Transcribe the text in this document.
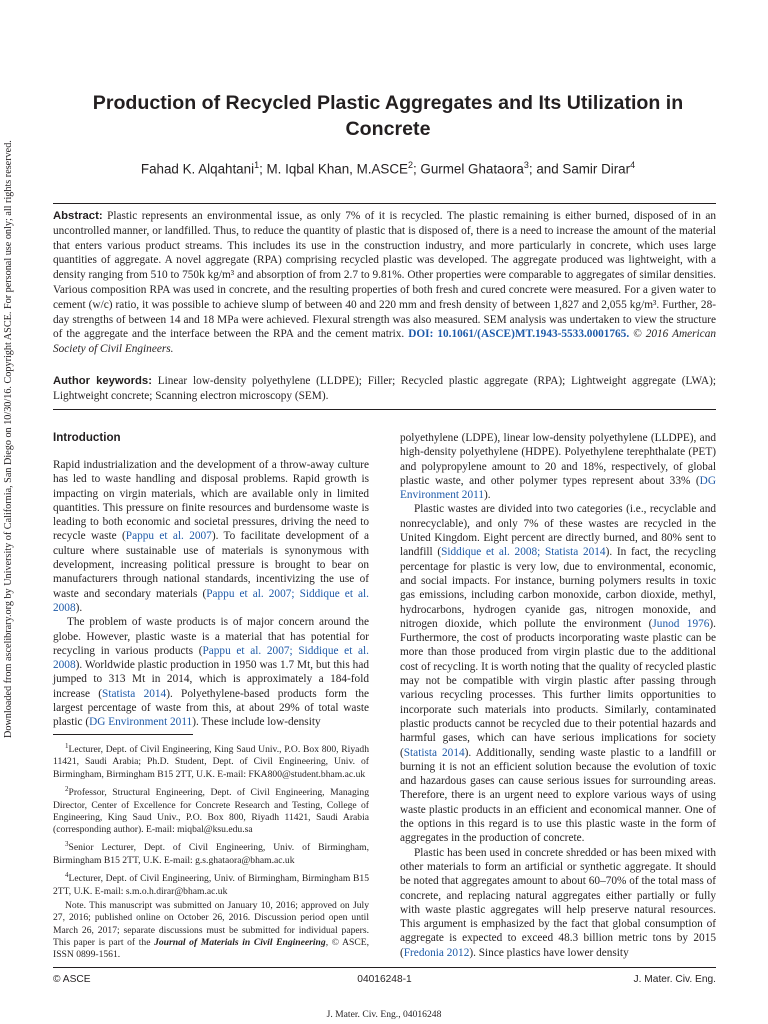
Downloaded from ascelibrary.org by University of California, San Diego on 10/30/16. Copyright ASCE. For personal use only; all rights reserved.
Production of Recycled Plastic Aggregates and Its Utilization in Concrete
Fahad K. Alqahtani$^1$; M. Iqbal Khan, M.ASCE$^2$; Gurmel Ghataora$^3$; and Samir Dirar$^4$

Abstract: Plastic represents an environmental issue, as only 7% of it is recycled. The plastic remaining is either burned, disposed of in an uncontrolled manner, or landfilled. Thus, to reduce the quantity of plastic that is disposed of, there is a need to increase the amount of the material that enters various product streams. This includes its use in the construction industry, and more particularly in concrete, which uses large quantities of aggregate. A novel aggregate (RPA) comprising recycled plastic was developed. The aggregate produced was lightweight, with a density ranging from 510 to 750k kg/m³ and absorption of from 2.7 to 9.81%. Other properties were comparable to aggregates of similar densities. Various composition RPA was used in concrete, and the resulting properties of both fresh and cured concrete were measured. For a given water to cement (w/c) ratio, it was possible to achieve slump of between 40 and 220 mm and fresh density of between 1,827 and 2,055 kg/m³. Further, 28-day strengths of between 14 and 18 MPa were achieved. Flexural strength was also measured. SEM analysis was undertaken to view the structure of the aggregate and the interface between the RPA and the cement matrix. DOI: 10.1061/(ASCE)MT.1943-5533.0001765. © 2016 American Society of Civil Engineers.

Author keywords: Linear low-density polyethylene (LLDPE); Filler; Recycled plastic aggregate (RPA); Lightweight aggregate (LWA); Lightweight concrete; Scanning electron microscopy (SEM).

Introduction

Rapid industrialization and the development of a throw-away culture has led to waste handling and disposal problems. Rapid growth is impacting on virgin materials, which are available only in limited quantities. This pressure on finite resources and burdensome waste is leading to both economic and societal pressures, driving the need to recycle waste (Pappu et al. 2007). To facilitate development of a culture where sustainable use of materials is synonymous with development, increasing political pressure is brought to bear on manufacturers through national standards, incentivizing the use of waste and secondary materials (Pappu et al. 2007; Siddique et al. 2008).

The problem of waste products is of major concern around the globe. However, plastic waste is a material that has potential for recycling in various products (Pappu et al. 2007; Siddique et al. 2008). Worldwide plastic production in 1950 was 1.7 Mt, but this had jumped to 313 Mt in 2014, which is approximately a 184-fold increase (Statista 2014). Polyethylene-based products form the largest percentage of waste from this, at about 29% of total waste plastic (DG Environment 2011). These include low-density

$^1$Lecturer, Dept. of Civil Engineering, King Saud Univ., P.O. Box 800, Riyadh 11421, Saudi Arabia; Ph.D. Student, Dept. of Civil Engineering, Univ. of Birmingham, Birmingham B15 2TT, U.K. E-mail: FKA800@student.bham.ac.uk

$^2$Professor, Structural Engineering, Dept. of Civil Engineering, Managing Director, Center of Excellence for Concrete Research and Testing, College of Engineering, King Saud Univ., P.O. Box 800, Riyadh 11421, Saudi Arabia (corresponding author). E-mail: miqbal@ksu.edu.sa

$^3$Senior Lecturer, Dept. of Civil Engineering, Univ. of Birmingham, Birmingham B15 2TT, U.K. E-mail: g.s.ghataora@bham.ac.uk

$^4$Lecturer, Dept. of Civil Engineering, Univ. of Birmingham, Birmingham B15 2TT, U.K. E-mail: s.m.o.h.dirar@bham.ac.uk

Note. This manuscript was submitted on January 10, 2016; approved on July 27, 2016; published online on October 26, 2016. Discussion period open until March 26, 2017; separate discussions must be submitted for individual papers. This paper is part of the Journal of Materials in Civil Engineering, © ASCE, ISSN 0899-1561.

polyethylene (LDPE), linear low-density polyethylene (LLDPE), and high-density polyethylene (HDPE). Polyethylene terephthalate (PET) and polypropylene amount to 20 and 18%, respectively, of global plastic waste, and other polymer types represent about 33% (DG Environment 2011).

Plastic wastes are divided into two categories (i.e., recyclable and nonrecyclable), and only 7% of these wastes are recycled in the United Kingdom. Eight percent are directly burned, and 80% sent to landfill (Siddique et al. 2008; Statista 2014). In fact, the recycling percentage for plastic is very low, due to environmental, economic, and social impacts. For instance, burning polymers results in toxic gas emissions, including carbon monoxide, carbon dioxide, methyl, hydrocarbons, hydrogen cyanide gas, nitrogen monoxide, and nitrogen dioxide, which pollute the environment (Junod 1976). Furthermore, the cost of products incorporating waste plastic can be more than those produced from virgin plastic due to the additional cost of recycling. It is worth noting that the quality of recycled plastic may not be compatible with virgin plastic after passing through various recycling processes. This further limits opportunities to incorporate such materials into products. Similarly, contaminated plastic products cannot be recycled due to their potential hazards and harmful gases, which can have serious implications for society (Statista 2014). Additionally, sending waste plastic to a landfill or burning it is not an efficient solution because the evolution of toxic and hazardous gases can cause serious issues for surrounding areas. Therefore, there is an urgent need to explore various ways of using waste plastic products in an efficient and economical manner. One of the options in this regard is to use this plastic waste in the form of aggregates in the production of concrete.

Plastic has been used in concrete shredded or has been mixed with other materials to form an artificial or synthetic aggregate. It should be noted that aggregates amount to about 60–70% of the total mass of concrete, and replacing natural aggregates either partially or fully with waste plastic aggregates will help preserve natural resources. This argument is emphasized by the fact that global consumption of aggregate is expected to exceed 48.3 billion metric tons by 2015 (Fredonia 2012). Since plastics have lower density

© ASCE	04016248-1	J. Mater. Civ. Eng.
J. Mater. Civ. Eng., 04016248
